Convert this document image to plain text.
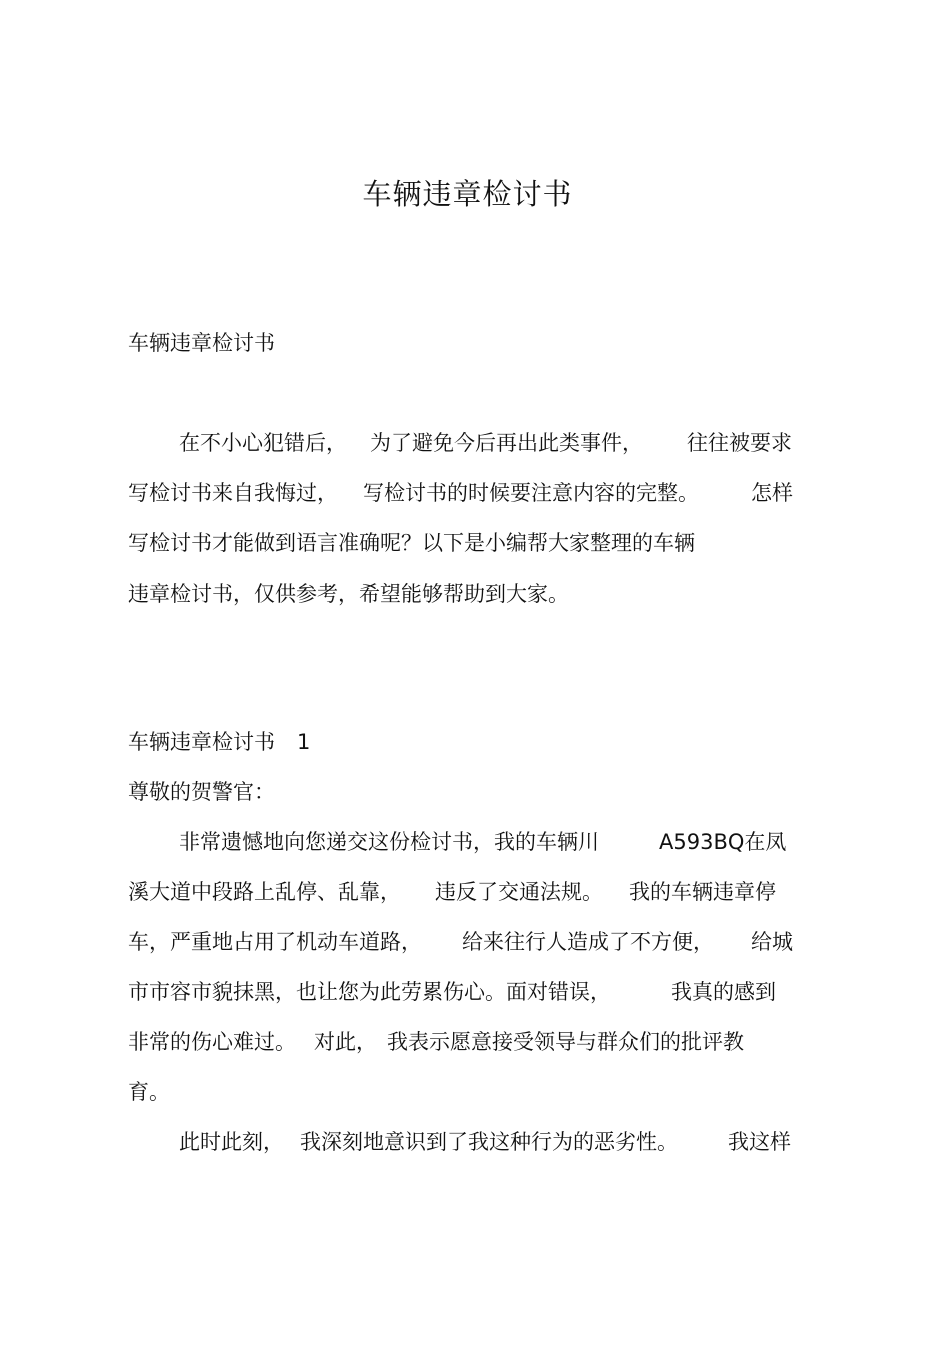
车辆违章检讨书
车辆违章检讨书
在不小心犯错后， 为了避免今后再出此类事件， 往往被要求
写检讨书来自我悔过， 写检讨书的时候要注意内容的完整。 怎样
写检讨书才能做到语言准确呢？以下是小编帮大家整理的车辆
违章检讨书，仅供参考，希望能够帮助到大家。
车辆违章检讨书 1
尊敬的贺警官：
非常遗憾地向您递交这份检讨书，我的车辆川	A593BQ在凤
溪大道中段路上乱停、乱靠， 违反了交通法规。 我的车辆违章停
车，严重地占用了机动车道路， 给来往行人造成了不方便， 给城
市市容市貌抹黑，也让您为此劳累伤心。面对错误，	我真的感到
非常的伤心难过。 对此， 我表示愿意接受领导与群众们的批评教
育。
此时此刻， 我深刻地意识到了我这种行为的恶劣性。 我这样
